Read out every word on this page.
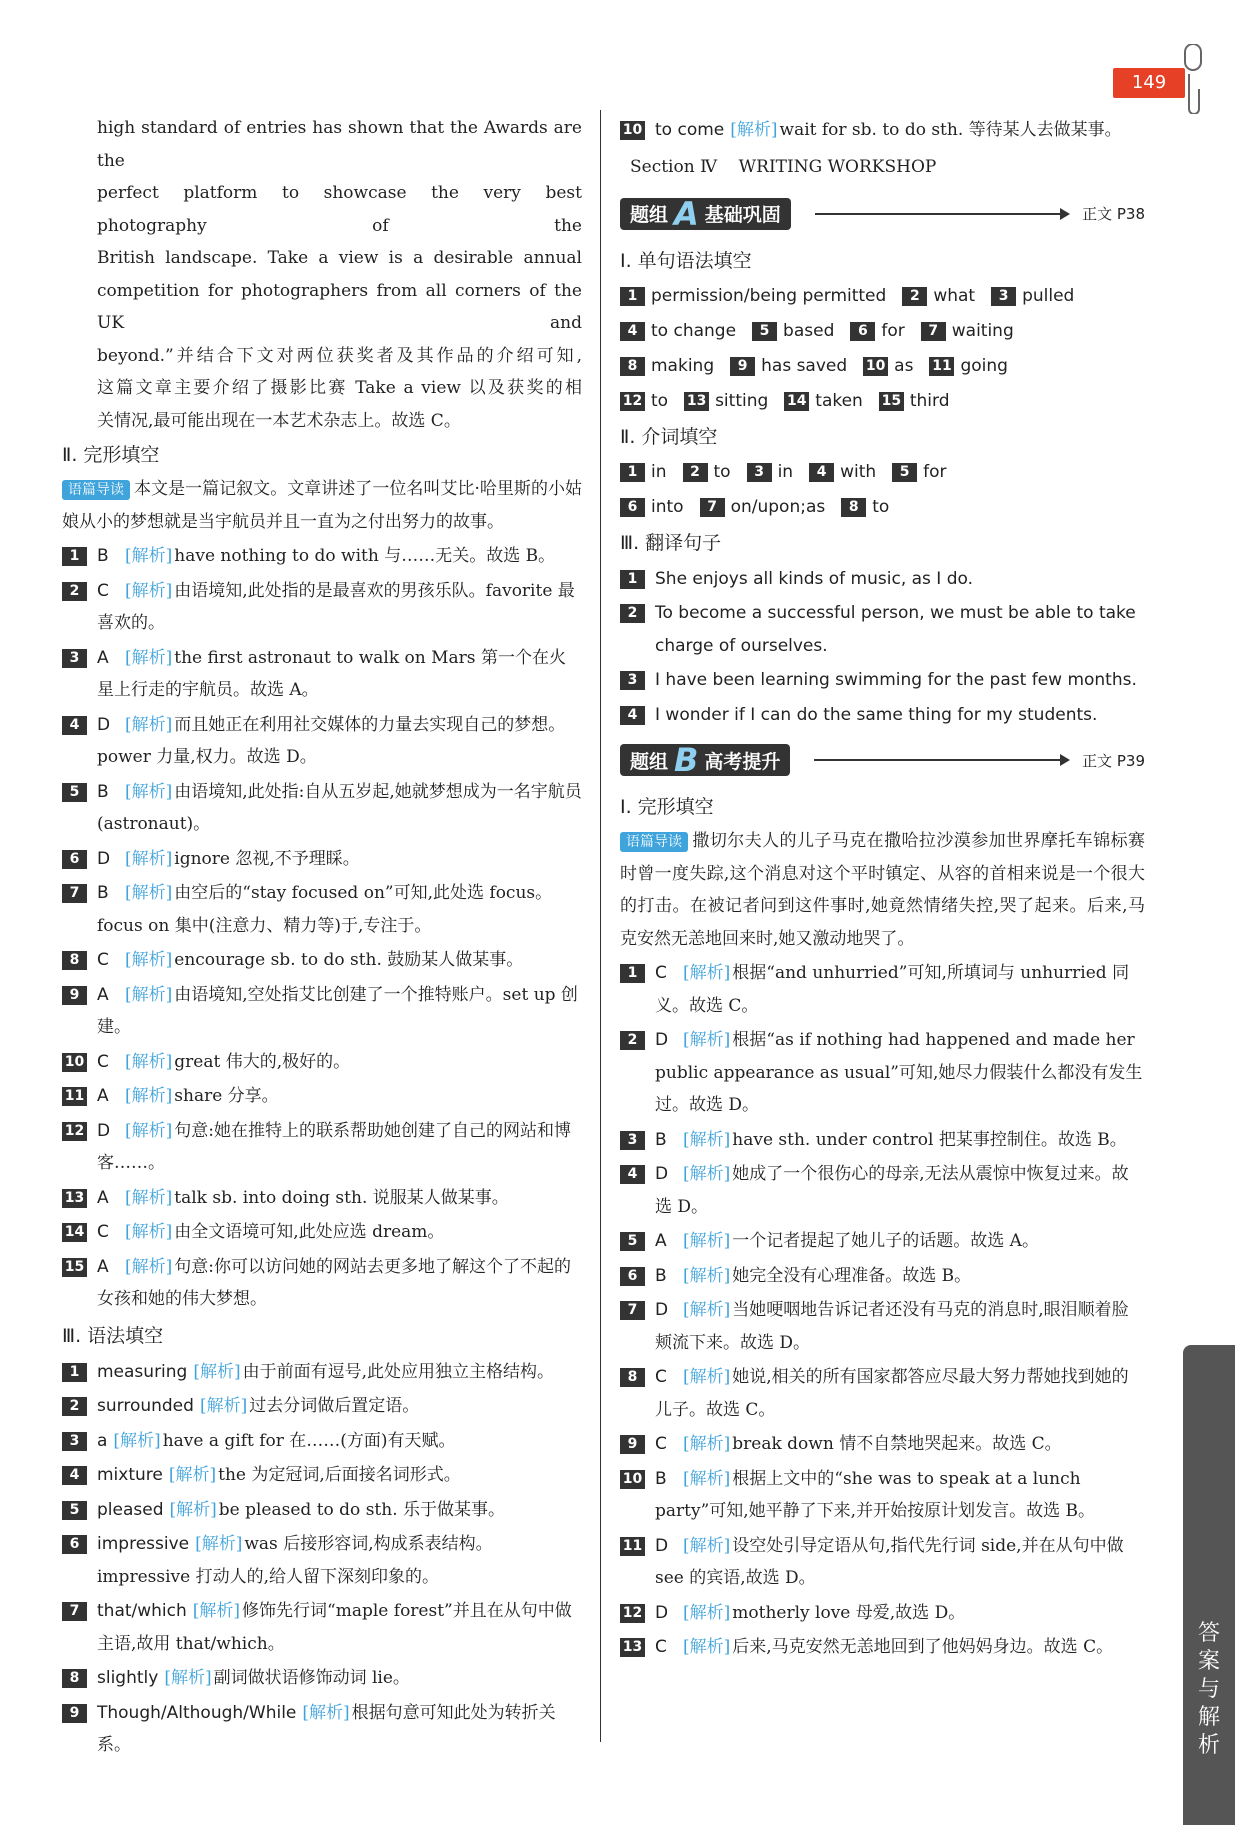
149

high standard of entries has shown that the Awards are the

perfect platform to showcase the very best photography of the

British landscape. Take a view is a desirable annual

competition for photographers from all corners of the UK and

beyond.”并结合下文对两位获奖者及其作品的介绍可知,

这篇文章主要介绍了摄影比赛 Take a view 以及获奖的相

关情况,最可能出现在一本艺术杂志上。故选 C。

Ⅱ. 完形填空

语篇导读 本文是一篇记叙文。文章讲述了一位名叫艾比·哈里斯的小姑娘从小的梦想就是当宇航员并且一直为之付出努力的故事。

1	B [解析] have nothing to do with 与……无关。故选 B。
2	C [解析] 由语境知,此处指的是最喜欢的男孩乐队。favorite 最喜欢的。
3	A [解析] the first astronaut to walk on Mars 第一个在火星上行走的宇航员。故选 A。
4	D [解析] 而且她正在利用社交媒体的力量去实现自己的梦想。power 力量,权力。故选 D。
5	B [解析] 由语境知,此处指:自从五岁起,她就梦想成为一名宇航员(astronaut)。
6	D [解析] ignore 忽视,不予理睬。
7	B [解析] 由空后的“stay focused on”可知,此处选 focus。focus on 集中(注意力、精力等)于,专注于。
8	C [解析] encourage sb. to do sth. 鼓励某人做某事。
9	A [解析] 由语境知,空处指艾比创建了一个推特账户。set up 创建。
10 C [解析] great 伟大的,极好的。
11 A [解析] share 分享。
12 D [解析] 句意:她在推特上的联系帮助她创建了自己的网站和博客……。
13 A [解析] talk sb. into doing sth. 说服某人做某事。
14 C [解析] 由全文语境可知,此处应选 dream。
15 A [解析] 句意:你可以访问她的网站去更多地了解这个了不起的女孩和她的伟大梦想。

Ⅲ. 语法填空

1	measuring [解析] 由于前面有逗号,此处应用独立主格结构。
2	surrounded [解析] 过去分词做后置定语。
3	a [解析] have a gift for 在……(方面)有天赋。
4	mixture [解析] the 为定冠词,后面接名词形式。
5	pleased [解析] be pleased to do sth. 乐于做某事。
6	impressive [解析] was 后接形容词,构成系表结构。impressive 打动人的,给人留下深刻印象的。
7	that/which [解析] 修饰先行词“maple forest”并且在从句中做主语,故用 that/which。
8	slightly [解析] 副词做状语修饰动词 lie。
9	Though/Although/While [解析] 根据句意可知此处为转折关系。
10 to come [解析] wait for sb. to do sth. 等待某人去做某事。

Section Ⅳ    WRITING WORKSHOP

题组 A 基础巩固	正文 P38

Ⅰ. 单句语法填空

1 permission/being permitted	2 what	3 pulled
4 to change	5 based	6 for	7 waiting
8 making	9 has saved 10 as 11 going
12 to 13 sitting 14 taken 15 third

Ⅱ. 介词填空

1 in	2 to	3 in	4 with	5 for
6 into	7 on/upon;as	8 to

Ⅲ. 翻译句子

1	She enjoys all kinds of music, as I do.
2	To become a successful person, we must be able to take charge of ourselves.
3	I have been learning swimming for the past few months.
4	I wonder if I can do the same thing for my students.
题组 B 高考提升	正文 P39

Ⅰ. 完形填空

语篇导读 撒切尔夫人的儿子马克在撒哈拉沙漠参加世界摩托车锦标赛时曾一度失踪,这个消息对这个平时镇定、从容的首相来说是一个很大的打击。在被记者问到这件事时,她竟然情绪失控,哭了起来。后来,马克安然无恙地回来时,她又激动地哭了。

1	C [解析] 根据“and unhurried”可知,所填词与 unhurried 同义。故选 C。
2	D [解析] 根据“as if nothing had happened and made her public appearance as usual”可知,她尽力假装什么都没有发生过。故选 D。
3	B [解析] have sth. under control 把某事控制住。故选 B。
4	D [解析] 她成了一个很伤心的母亲,无法从震惊中恢复过来。故选 D。
5	A [解析] 一个记者提起了她儿子的话题。故选 A。
6	B [解析] 她完全没有心理准备。故选 B。
7	D [解析] 当她哽咽地告诉记者还没有马克的消息时,眼泪顺着脸颊流下来。故选 D。
8	C [解析] 她说,相关的所有国家都答应尽最大努力帮她找到她的儿子。故选 C。
9	C [解析] break down 情不自禁地哭起来。故选 C。
10 B [解析] 根据上文中的“she was to speak at a lunch party”可知,她平静了下来,并开始按原计划发言。故选 B。
11 D [解析] 设空处引导定语从句,指代先行词 side,并在从句中做 see 的宾语,故选 D。
12 D [解析] motherly love 母爱,故选 D。
13 C [解析] 后来,马克安然无恙地回到了他妈妈身边。故选 C。
答案与解析
